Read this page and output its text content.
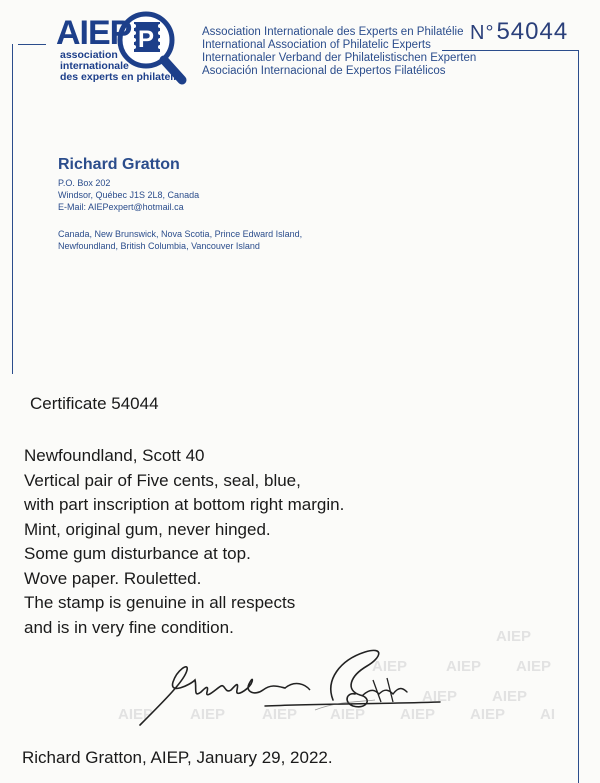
P
AIEP
association
internationale
des experts en philatelie
Association Internationale des Experts en Philatélie
International Association of Philatelic Experts
Internationaler Verband der Philatelistischen Experten
Asociación Internacional de Expertos Filatélicos
N°54044
Richard Gratton
P.O. Box 202
Windsor, Québec J1S 2L8, Canada
E-Mail: AIEPexpert@hotmail.ca
Canada, New Brunswick, Nova Scotia, Prince Edward Island,
Newfoundland, British Columbia, Vancouver Island
AIEP
AIEP	AIEP AIEP
AIEP AIEP
AIEP AIEP AIEP AIEP AIEP AIEP AI
Certificate 54044
Newfoundland, Scott 40
Vertical pair of Five cents, seal, blue,
with part inscription at bottom right margin.
Mint, original gum, never hinged.
Some gum disturbance at top.
Wove paper. Rouletted.
The stamp is genuine in all respects
and is in very fine condition.
Richard Gratton, AIEP, January 29, 2022.
